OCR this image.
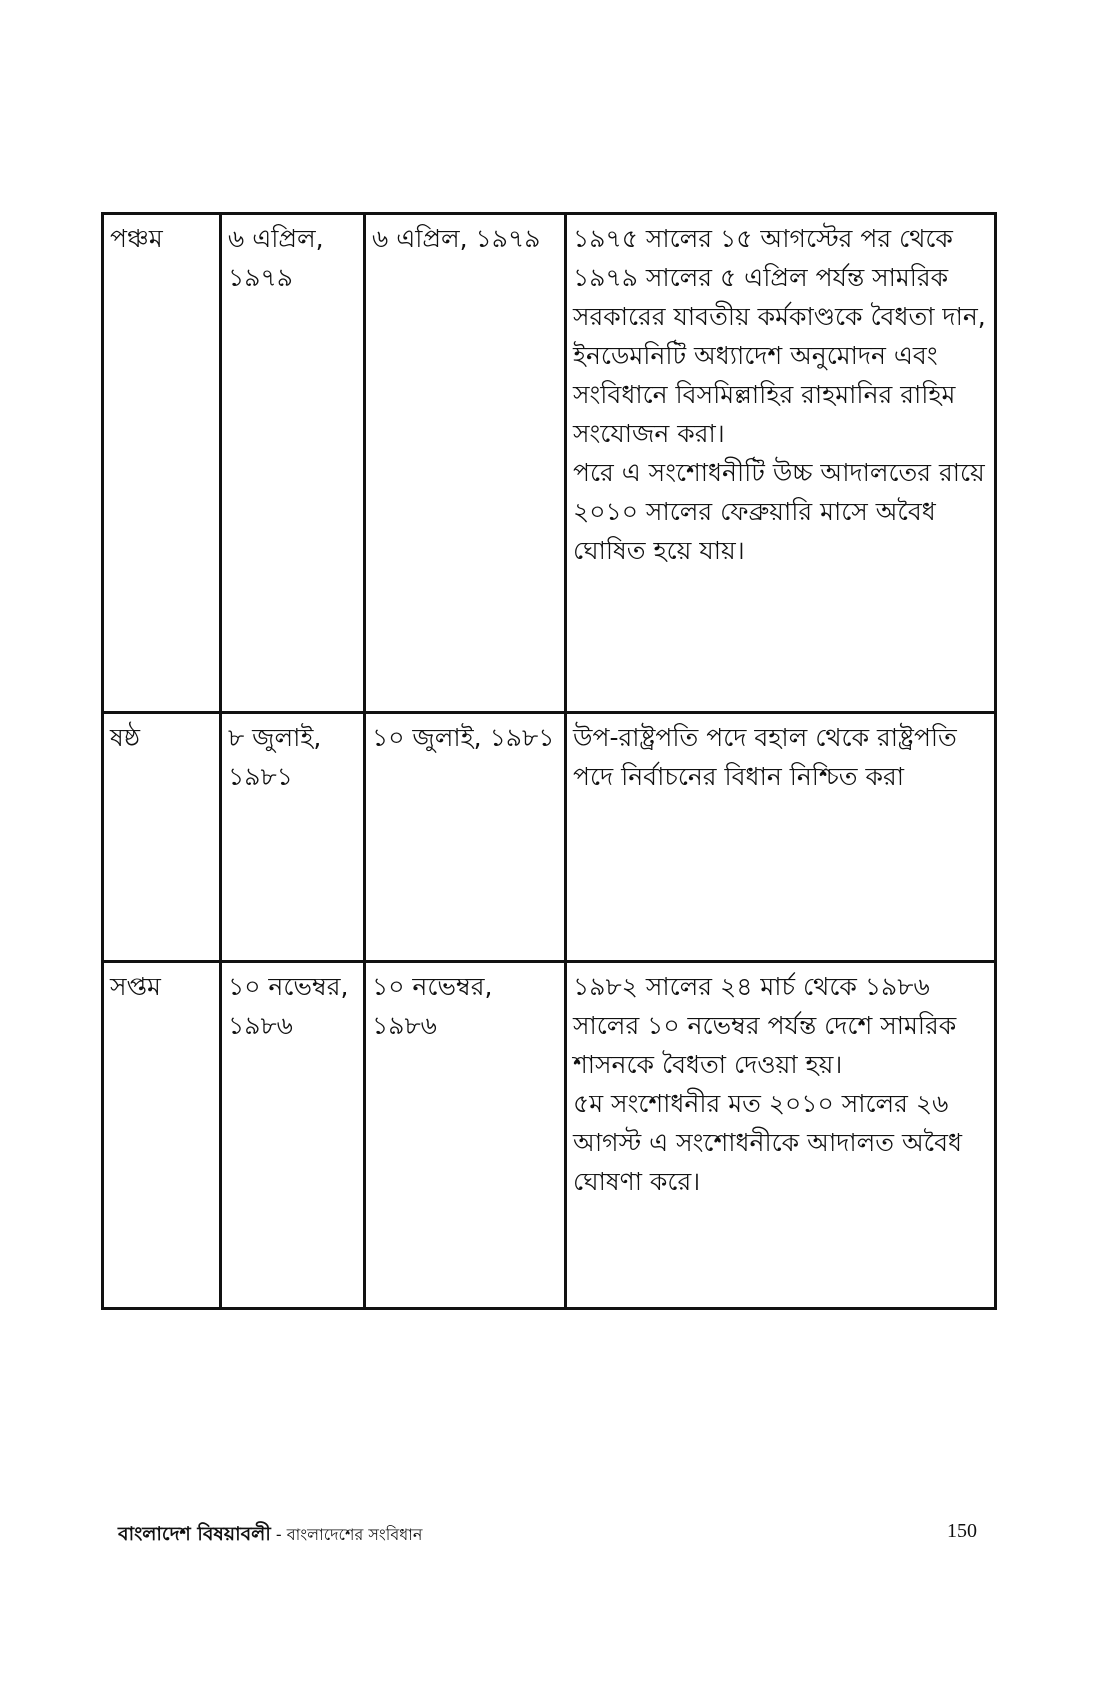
পঞ্চম	৬ এপ্রিল, ১৯৭৯	৬ এপ্রিল, ১৯৭৯	১৯৭৫ সালের ১৫ আগস্টের পর থেকে ১৯৭৯ সালের ৫ এপ্রিল পর্যন্ত সামরিক সরকারের যাবতীয় কর্মকাণ্ডকে বৈধতা দান, ইনডেমনিটি অধ্যাদেশ অনুমোদন এবং সংবিধানে বিসমিল্লাহির রাহমানির রাহিম সংযোজন করা।
পরে এ সংশোধনীটি উচ্চ আদালতের রায়ে ২০১০ সালের ফেব্রুয়ারি মাসে অবৈধ ঘোষিত হয়ে যায়।

ষষ্ঠ	৮ জুলাই, ১৯৮১	১০ জুলাই, ১৯৮১	উপ-রাষ্ট্রপতি পদে বহাল থেকে রাষ্ট্রপতি পদে নির্বাচনের বিধান নিশ্চিত করা

সপ্তম	১০ নভেম্বর, ১৯৮৬	১০ নভেম্বর, ১৯৮৬	১৯৮২ সালের ২৪ মার্চ থেকে ১৯৮৬ সালের ১০ নভেম্বর পর্যন্ত দেশে সামরিক শাসনকে বৈধতা দেওয়া হয়।
৫ম সংশোধনীর মত ২০১০ সালের ২৬ আগস্ট এ সংশোধনীকে আদালত অবৈধ ঘোষণা করে।
বাংলাদেশ বিষয়াবলী - বাংলাদেশের সংবিধান	150
